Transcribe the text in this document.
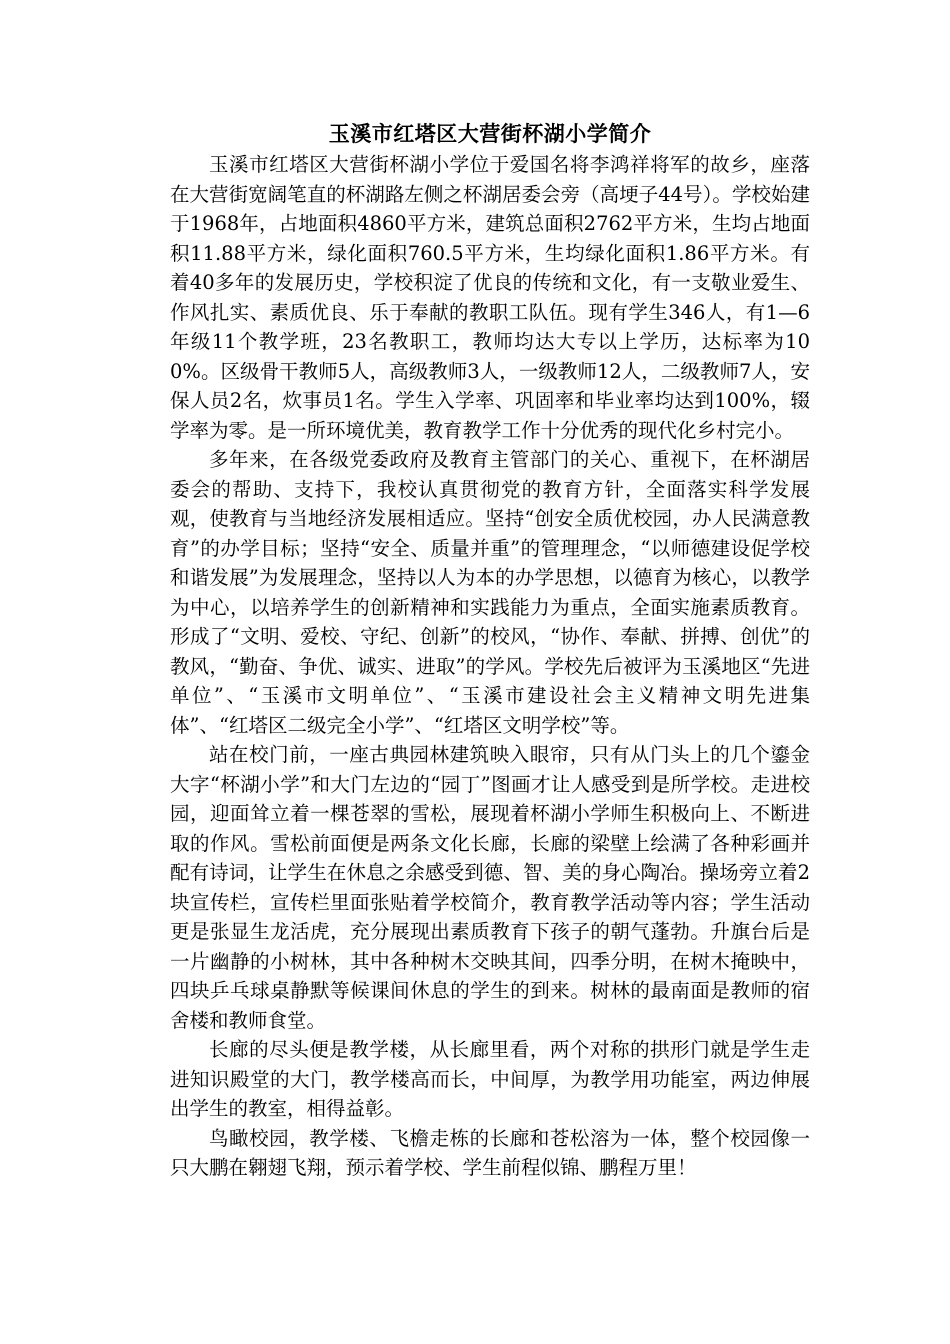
玉溪市红塔区大营街杯湖小学简介

玉溪市红塔区大营街杯湖小学位于爱国名将李鸿祥将军的故乡，座落在大营街宽阔笔直的杯湖路左侧之杯湖居委会旁（高埂子44号）。学校始建于1968年，占地面积4860平方米，建筑总面积2762平方米，生均占地面积11.88平方米，绿化面积760.5平方米，生均绿化面积1.86平方米。有着40多年的发展历史，学校积淀了优良的传统和文化，有一支敬业爱生、作风扎实、素质优良、乐于奉献的教职工队伍。现有学生346人，有1—6年级11个教学班，23名教职工，教师均达大专以上学历，达标率为100%。区级骨干教师5人，高级教师3人，一级教师12人，二级教师7人，安保人员2名，炊事员1名。学生入学率、巩固率和毕业率均达到100%，辍学率为零。是一所环境优美，教育教学工作十分优秀的现代化乡村完小。

多年来，在各级党委政府及教育主管部门的关心、重视下，在杯湖居委会的帮助、支持下，我校认真贯彻党的教育方针，全面落实科学发展观，使教育与当地经济发展相适应。坚持“创安全质优校园，办人民满意教育”的办学目标；坚持“安全、质量并重”的管理理念，“以师德建设促学校和谐发展”为发展理念，坚持以人为本的办学思想，以德育为核心，以教学为中心，以培养学生的创新精神和实践能力为重点，全面实施素质教育。形成了“文明、爱校、守纪、创新”的校风，“协作、奉献、拼搏、创优”的教风，“勤奋、争优、诚实、进取”的学风。学校先后被评为玉溪地区“先进单位”、“玉溪市文明单位”、“玉溪市建设社会主义精神文明先进集体”、“红塔区二级完全小学”、“红塔区文明学校”等。

站在校门前，一座古典园林建筑映入眼帘，只有从门头上的几个鎏金大字“杯湖小学”和大门左边的“园丁”图画才让人感受到是所学校。走进校园，迎面耸立着一棵苍翠的雪松，展现着杯湖小学师生积极向上、不断进取的作风。雪松前面便是两条文化长廊，长廊的梁壁上绘满了各种彩画并配有诗词，让学生在休息之余感受到德、智、美的身心陶冶。操场旁立着2块宣传栏，宣传栏里面张贴着学校简介，教育教学活动等内容；学生活动更是张显生龙活虎，充分展现出素质教育下孩子的朝气蓬勃。升旗台后是一片幽静的小树林，其中各种树木交映其间，四季分明，在树木掩映中，四块乒乓球桌静默等候课间休息的学生的到来。树林的最南面是教师的宿舍楼和教师食堂。

长廊的尽头便是教学楼，从长廊里看，两个对称的拱形门就是学生走进知识殿堂的大门，教学楼高而长，中间厚，为教学用功能室，两边伸展出学生的教室，相得益彰。

鸟瞰校园，教学楼、飞檐走栋的长廊和苍松溶为一体，整个校园像一只大鹏在翱翅飞翔，预示着学校、学生前程似锦、鹏程万里！
